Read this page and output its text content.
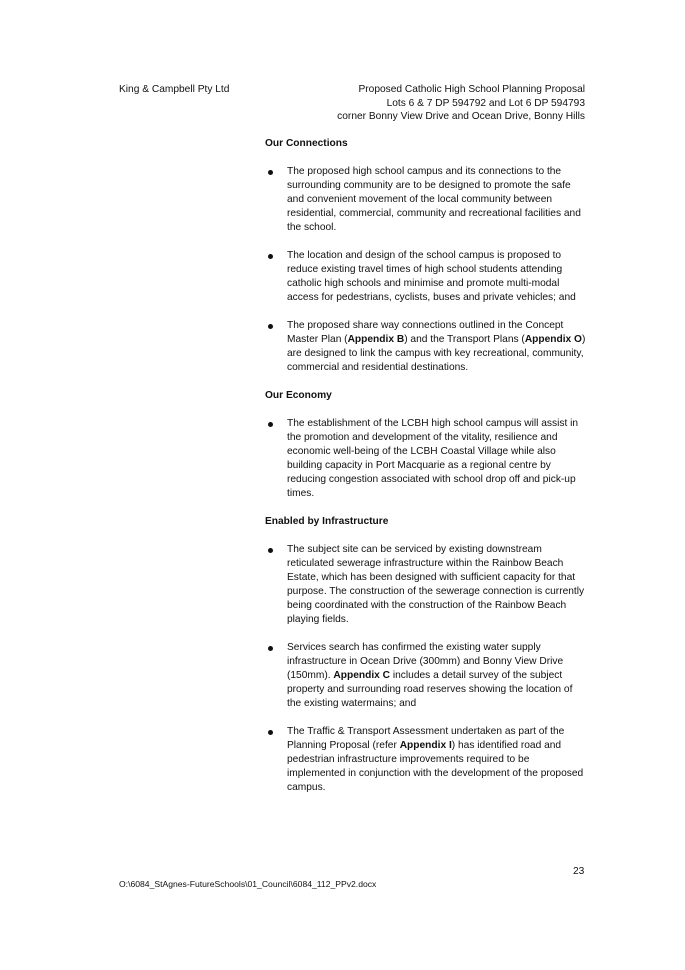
King & Campbell Pty Ltd	Proposed Catholic High School Planning Proposal
Lots 6 & 7 DP 594792 and Lot 6 DP 594793
corner Bonny View Drive and Ocean Drive, Bonny Hills

Our Connections

The proposed high school campus and its connections to the surrounding community are to be designed to promote the safe and convenient movement of the local community between residential, commercial, community and recreational facilities and the school.
The location and design of the school campus is proposed to reduce existing travel times of high school students attending catholic high schools and minimise and promote multi-modal access for pedestrians, cyclists, buses and private vehicles; and
The proposed share way connections outlined in the Concept Master Plan (Appendix B) and the Transport Plans (Appendix O) are designed to link the campus with key recreational, community, commercial and residential destinations.

Our Economy

The establishment of the LCBH high school campus will assist in the promotion and development of the vitality, resilience and economic well-being of the LCBH Coastal Village while also building capacity in Port Macquarie as a regional centre by reducing congestion associated with school drop off and pick-up times.

Enabled by Infrastructure

The subject site can be serviced by existing downstream reticulated sewerage infrastructure within the Rainbow Beach Estate, which has been designed with sufficient capacity for that purpose. The construction of the sewerage connection is currently being coordinated with the construction of the Rainbow Beach playing fields.
Services search has confirmed the existing water supply infrastructure in Ocean Drive (300mm) and Bonny View Drive (150mm). Appendix C includes a detail survey of the subject property and surrounding road reserves showing the location of the existing watermains; and
The Traffic & Transport Assessment undertaken as part of the Planning Proposal (refer Appendix I) has identified road and pedestrian infrastructure improvements required to be implemented in conjunction with the development of the proposed campus.
23
O:\6084_StAgnes-FutureSchools\01_Council\6084_112_PPv2.docx
